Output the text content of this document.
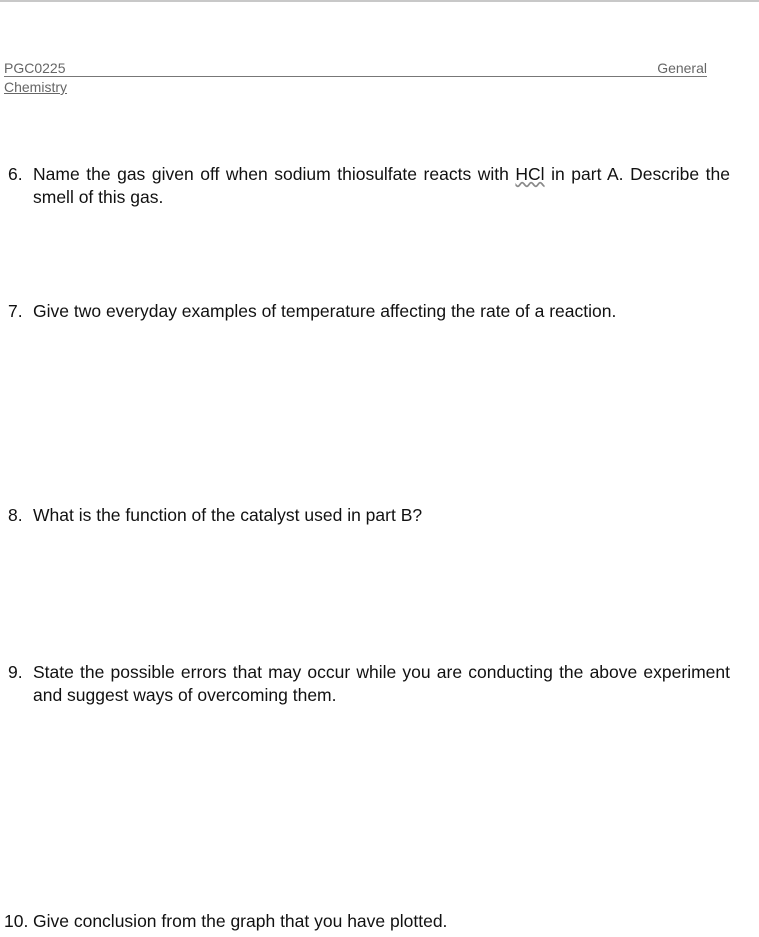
PGC0225
Chemistry
General
6. Name the gas given off when sodium thiosulfate reacts with HCl in part A. Describe the smell of this gas.
7. Give two everyday examples of temperature affecting the rate of a reaction.
8. What is the function of the catalyst used in part B?
9. State the possible errors that may occur while you are conducting the above experiment and suggest ways of overcoming them.
10. Give conclusion from the graph that you have plotted.
